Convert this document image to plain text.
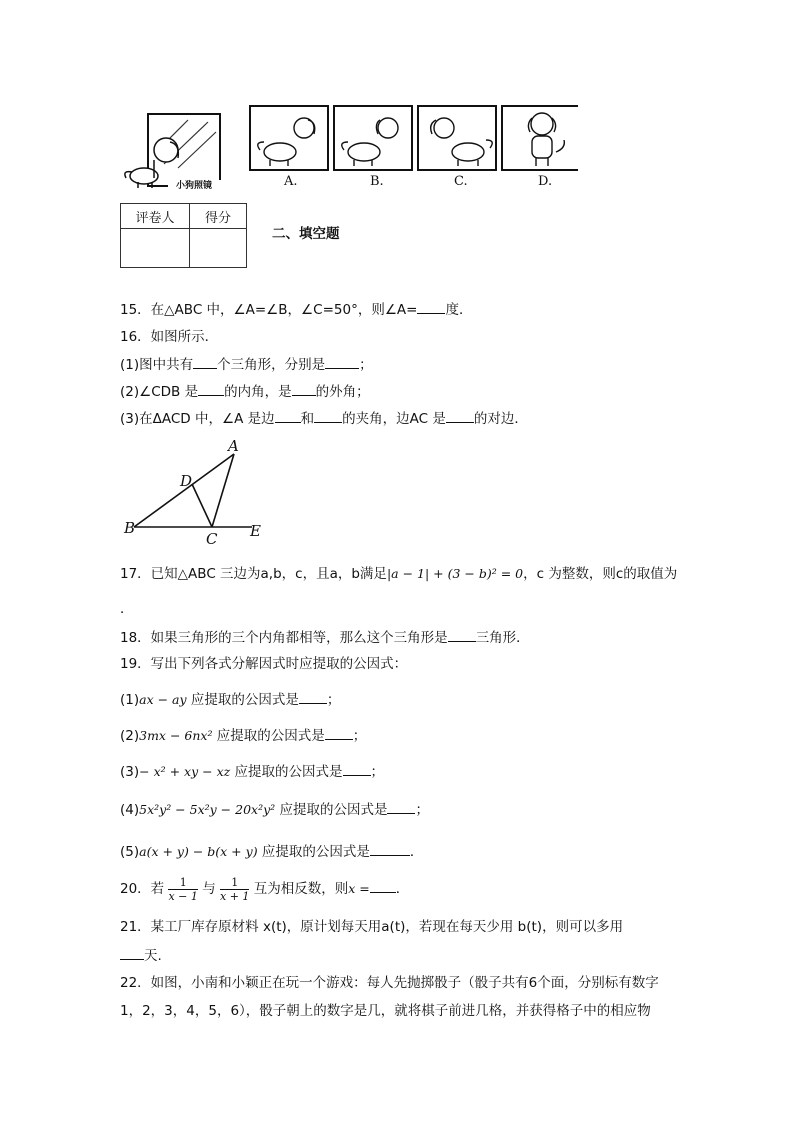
小狗照镜	A.	B.	C.	D.
评卷人	得分

二、填空题
15．在△ABC 中，∠A=∠B，∠C=50°，则∠A= 度．
16．如图所示．
(1)图中共有 个三角形，分别是	；
(2)∠CDB 是 的内角，是 的外角；
(3)在ΔACD 中，∠A 是边 和 的夹角，边AC 是 的对边．
A
D
B
C E
17．已知△ABC 三边为a,b，c，且a，b满足|a − 1| + (3 − b)² = 0，c 为整数，则c的取值为
．
18．如果三角形的三个内角都相等，那么这个三角形是 三角形．
19．写出下列各式分解因式时应提取的公因式：
(1)ax − ay 应提取的公因式是 ；
(2)3mx − 6nx² 应提取的公因式是 ；
(3)− x² + xy − xz 应提取的公因式是 ；
(4)5x²y² − 5x²y − 20x²y² 应提取的公因式是 ；
(5)a(x + y) − b(x + y) 应提取的公因式是	．
20．若 $\frac{1}{x - 1}$ 与 $\frac{1}{x + 1}$ 互为相反数，则x = ．
21．某工厂库存原材料 x(t)，原计划每天用a(t)，若现在每天少用 b(t)，则可以多用
天.
22．如图，小南和小颖正在玩一个游戏：每人先抛掷骰子（骰子共有6个面，分别标有数字
1，2，3，4，5，6），骰子朝上的数字是几，就将棋子前进几格，并获得格子中的相应物
